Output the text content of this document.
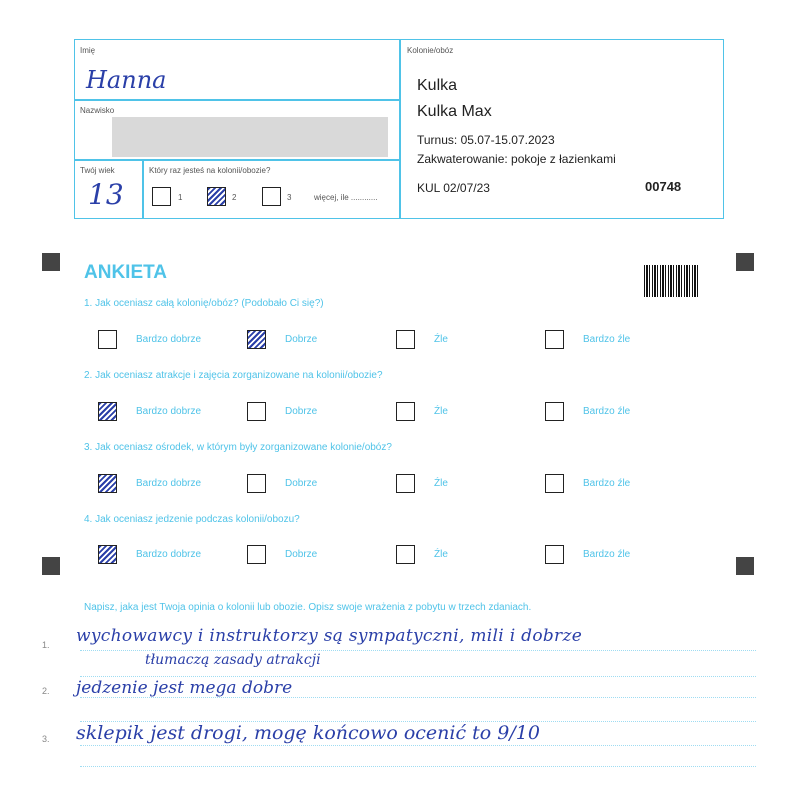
Imię
Hanna
Nazwisko
Twój wiek
13
Który raz jesteś na kolonii/obozie?
1	2	3	więcej, ile ............
Kolonie/obóz
Kulka
Kulka Max
Turnus: 05.07-15.07.2023
Zakwaterowanie: pokoje z łazienkami
KUL 02/07/23	00748
ANKIETA
1. Jak oceniasz całą kolonię/obóz? (Podobało Ci się?)
Bardzo dobrze	Dobrze	Źle	Bardzo źle
2. Jak oceniasz atrakcje i zajęcia zorganizowane na kolonii/obozie?
Bardzo dobrze	Dobrze	Źle	Bardzo źle
3. Jak oceniasz ośrodek, w którym były zorganizowane kolonie/obóz?
Bardzo dobrze	Dobrze	Źle	Bardzo źle
4. Jak oceniasz jedzenie podczas kolonii/obozu?
Bardzo dobrze	Dobrze	Źle	Bardzo źle
Napisz, jaka jest Twoja opinia o kolonii lub obozie. Opisz swoje wrażenia z pobytu w trzech zdaniach.
1.
2.
3.
wychowawcy i instruktorzy są sympatyczni, mili i dobrze
tłumaczą zasady atrakcji
jedzenie jest mega dobre
sklepik jest drogi, mogę końcowo ocenić to 9/10
